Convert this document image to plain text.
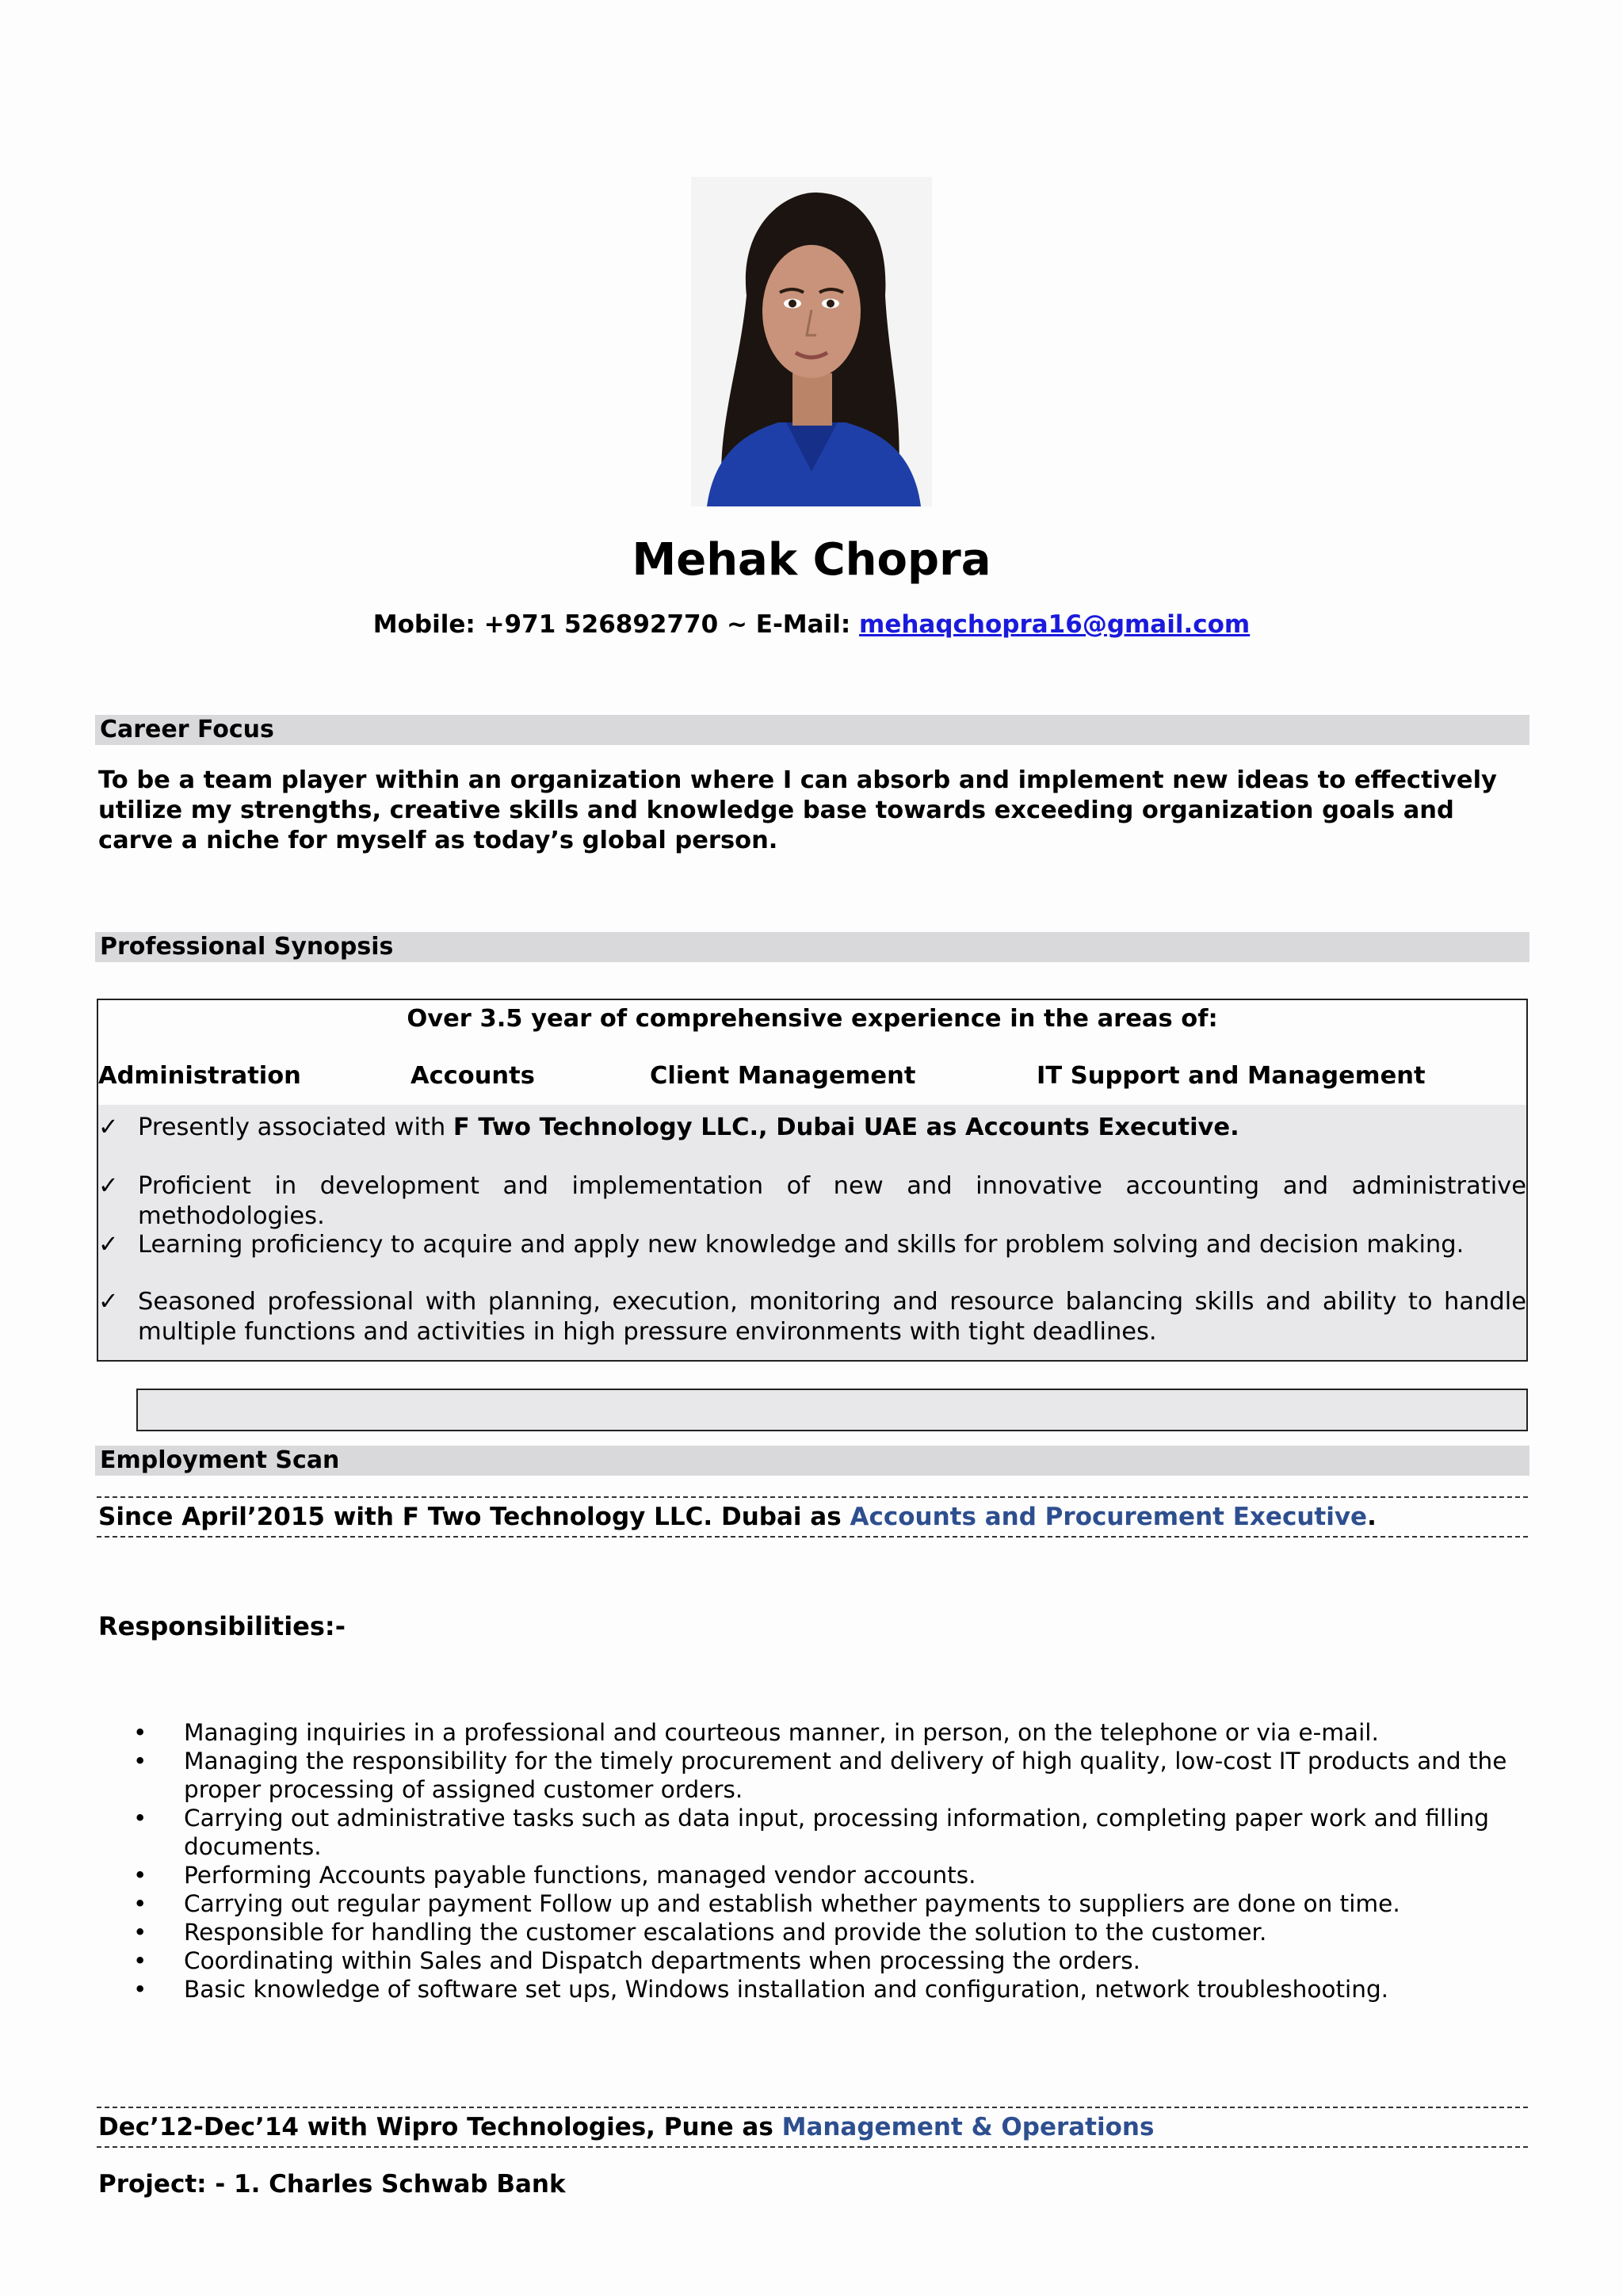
Mehak Chopra
Mobile: +971 526892770 ~ E-Mail: mehaqchopra16@gmail.com
Career Focus
To be a team player within an organization where I can absorb and implement new ideas to effectively utilize my strengths, creative skills and knowledge base towards exceeding organization goals and carve a niche for myself as today’s global person.
Professional Synopsis
Over 3.5 year of comprehensive experience in the areas of:
Administration	Accounts	Client Management	IT Support and Management
✓ Presently associated with F Two Technology LLC., Dubai UAE as Accounts Executive.
✓ Proficient in development and implementation of new and innovative accounting and administrative methodologies.
✓ Learning proficiency to acquire and apply new knowledge and skills for problem solving and decision making.
✓ Seasoned professional with planning, execution, monitoring and resource balancing skills and ability to handle multiple functions and activities in high pressure environments with tight deadlines.
Employment Scan
Since April’2015 with F Two Technology LLC. Dubai as Accounts and Procurement Executive.
Responsibilities:-
• Managing inquiries in a professional and courteous manner, in person, on the telephone or via e-mail.
• Managing the responsibility for the timely procurement and delivery of high quality, low-cost IT products and the proper processing of assigned customer orders.
• Carrying out administrative tasks such as data input, processing information, completing paper work and filling documents.
• Performing Accounts payable functions, managed vendor accounts.
• Carrying out regular payment Follow up and establish whether payments to suppliers are done on time.
• Responsible for handling the customer escalations and provide the solution to the customer.
• Coordinating within Sales and Dispatch departments when processing the orders.
• Basic knowledge of software set ups, Windows installation and configuration, network troubleshooting.
Dec’12-Dec’14 with Wipro Technologies, Pune as Management & Operations
Project: - 1. Charles Schwab Bank
